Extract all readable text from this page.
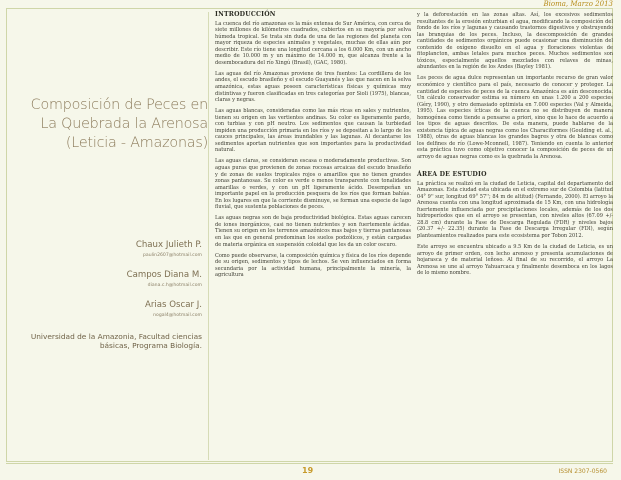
Bioma, Marzo 2013
Composición de Peces en La Quebrada la Arenosa (Leticia - Amazonas)
Chaux Julieth P.
paulin2607@hotmail.com
Campos Diana M.
diana.c.h@hotmail.com
Arias Oscar J.
nogal4@hotmail.com
Universidad de la Amazonia, Facultad ciencias básicas, Programa Biología.
INTRODUCCIÓN

La cuenca del río amazonas es la más extensa de Sur América, con cerca de siete millones de kilómetros cuadrados, cubiertos en su mayoría por selva húmeda tropical. Se trata sin duda de una de las regiones del planeta con mayor riqueza de especies animales y vegetales, muchas de ellas aún por describir. Este río tiene una longitud cercana a los 6.000 Km, con un ancho medio de 10.000 m y un máximo de 14.000 m, que alcanza frente a la desembocadura del río Xingú (Brasil), (GAC, 1980).

Las aguas del río Amazonas proviene de tres fuentes: La cordillera de los andes, el escudo brasileño y el escudo Guayanés y las que nacen en la selva amazónica, estas aguas poseen características físicas y químicas muy distintivas y fueron clasificadas en tres categorías por Sioli (1975), blancas, claras y negras.

Las aguas blancas, consideradas como las más ricas en sales y nutrientes, tienen su origen en las vertientes andinas. Su color es ligeramente pardo, con turbias y con pH neutro. Los sedimentos que causan la turbiedad impiden una producción primaria en los ríos y se depositan a lo largo de los cauces principales, las áreas inundables y las lagunas. Al decantarse los sedimentos aportan nutrientes que son importantes para la productividad natural.

Las aguas claras, se consideran escasa o moderadamente productivas. Son aguas puras que provienen de zonas rocosas arcaicas del escudo brasileño y de zonas de suelos tropicales rojos o amarillos que no tienen grandes zonas pantanosas. Su color es verde o menos transparente con tonalidades amarillas o verdes, y con un pH ligeramente ácido. Desempeñan un importante papel en la producción pesquera de los ríos que forman bahías. En los lugares en que la corriente disminuye, se forman una especie de lago fluvial, que sustenta poblaciones de peces.

Las aguas negras son de baja productividad biológica. Estas aguas carecen de iones inorgánicos, casi no tienen nutrientes y son fuertemente ácidas. Tienen su origen en los terrenos amazónicos mas bajos y tierras pantanosas en las que en general predominan los suelos podzólicos, y están cargadas de materia orgánica en suspensión coloidal que les da un color oscuro.

Como puede observarse, la composición química y física de los ríos depende de su origen, sedimentos y tipos de lechos. Se ven influenciados en forma secundaria por la actividad humana, principalmente la minería, la agricultura

y la deforestación en las zonas altas. Así, los excesivos sedimentos resultantes de la erosión enturbian el agua, modificando la composición del fondo de los ríos y lagunas y causando trastornos digestivos y obstruyendo las branquias de los peces. Incluso, la descomposición de grandes cantidades de sedimentos orgánicos puede ocasionar una disminución del contenido de oxígeno disuelto en el agua y floraciones violentas de fitoplancton, ambas letales para muchos peces. Muchos sedimentos son tóxicos, especialmente aquellos mezclados con relaves de minas, abundantes en la región de los Andes (Bayley 1981).

Los peces de agua dulce representan un importante recurso de gran valor económico y científico para el país, necesario de conocer y proteger. La cantidad de especies de peces de la cuenca Amazónica es aún desconocida. Un cálculo conservador estima su número en unas 1.200 a 200 especies (Géry, 1990), y otro demasiado optimista en 7.000 especies (Val y Almeida, 1995). Las especies ícticas de la cuenca no se distribuyen de manera homogénea como tiende a pensarse a priori, sino que lo hace de acuerdo a los tipos de aguas descritos. De esta manera, puede hablarse de la existencia típica de aguas negras como los Characiformes (Goulding et. al., 1988), otras de aguas blancas los grandes bagres y otra de blancas como los delfines de río (Lowe-Mconnell, 1987). Teniendo en cuenta lo anterior esta práctica tuvo como objetivo conocer la composición de peces de un arroyo de aguas negras como es la quebrada la Arenosa.

ÁREA DE ESTUDIO

La práctica se realizó en la ciudad de Leticia, capital del departamento del Amazonas. Esta ciudad esta ubicada en el extremo sur de Colombia (latitud 04° 9'' sur, longitud 69° 57''; 84 m de altitud) (Fernando, 2000). El arroyo la Arenosa cuenta con una longitud aproximada de 15 Km, con una hidrología fuertemente influenciada por precipitaciones locales, además de los dos hidroperíodos que en el arroyo se presentan, con niveles altos (67.09 +/- 28.8 cm) durante la Fase de Descarga Regulada (FDR) y niveles bajos (20.37 +/- 22.35) durante la Fase de Descarga Irregular (FDI), según planteamientos realizados para este ecosistema por Tobon 2012.

Este arroyo se encuentra ubicado a 9.5 Km de la ciudad de Leticia, es un arroyo de primer orden, con lecho arenoso y presenta acumulaciones de hojarasca y de material leñoso. Al final de su recorrido, el arroyo La Arenosa se une al arroyo Yahuarcaca y finalmente desemboca en los lagos de lo mismo nombre.

19	ISSN 2307-0560
